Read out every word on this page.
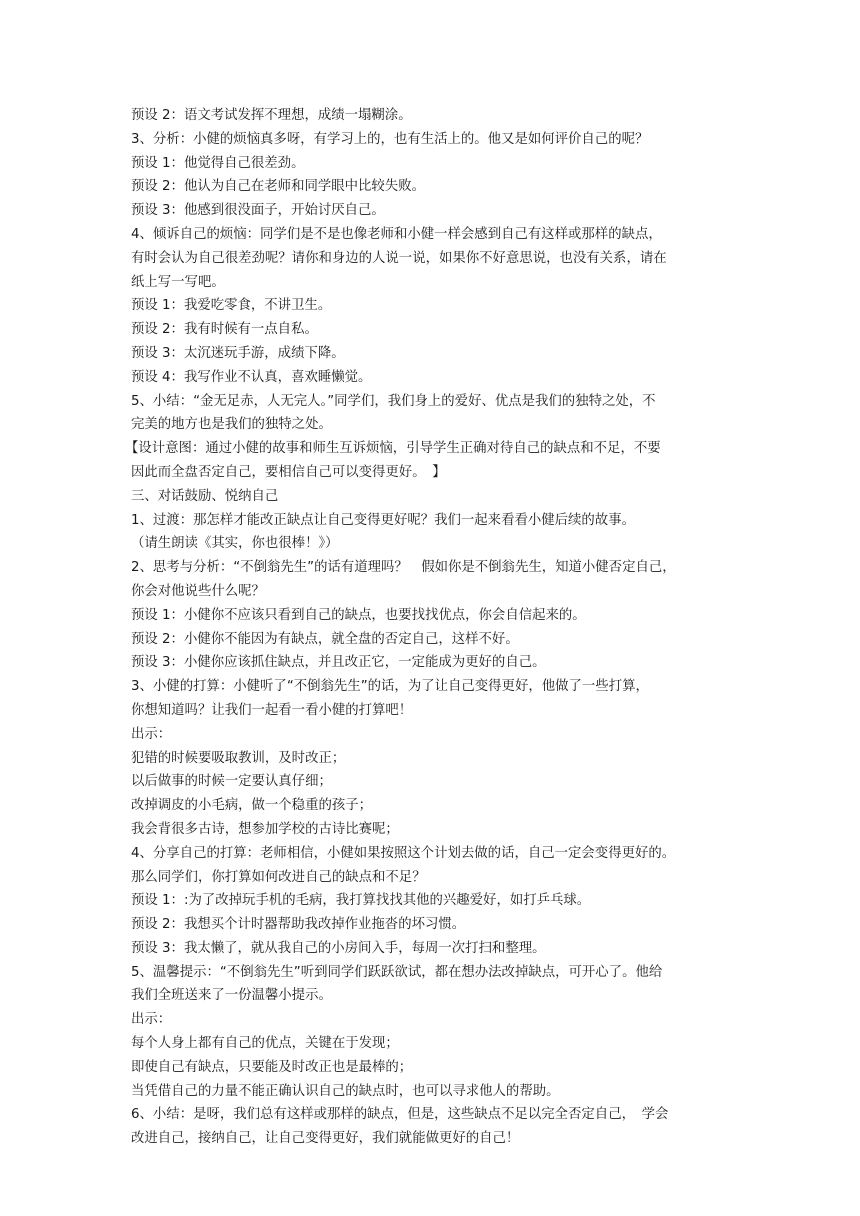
预设 2：语文考试发挥不理想，成绩一塌糊涂。
3、分析：小健的烦恼真多呀，有学习上的，也有生活上的。他又是如何评价自己的呢？
预设 1：他觉得自己很差劲。
预设 2：他认为自己在老师和同学眼中比较失败。
预设 3：他感到很没面子，开始讨厌自己。
4、倾诉自己的烦恼：同学们是不是也像老师和小健一样会感到自己有这样或那样的缺点，
有时会认为自己很差劲呢？请你和身边的人说一说，如果你不好意思说，也没有关系，请在
纸上写一写吧。
预设 1：我爱吃零食，不讲卫生。
预设 2：我有时候有一点自私。
预设 3：太沉迷玩手游，成绩下降。
预设 4：我写作业不认真，喜欢睡懒觉。
5、小结：“金无足赤，人无完人。”同学们，我们身上的爱好、优点是我们的独特之处，不
完美的地方也是我们的独特之处。
【设计意图：通过小健的故事和师生互诉烦恼，引导学生正确对待自己的缺点和不足，不要
因此而全盘否定自己，要相信自己可以变得更好。　】
三、对话鼓励、悦纳自己
1、过渡：那怎样才能改正缺点让自己变得更好呢？我们一起来看看小健后续的故事。
（请生朗读《其实，你也很棒！》）
2、思考与分析：“不倒翁先生”的话有道理吗？　假如你是不倒翁先生，知道小健否定自己，
你会对他说些什么呢？
预设 1：小健你不应该只看到自己的缺点，也要找找优点，你会自信起来的。
预设 2：小健你不能因为有缺点，就全盘的否定自己，这样不好。
预设 3：小健你应该抓住缺点，并且改正它，一定能成为更好的自己。
3、小健的打算：小健听了“不倒翁先生”的话，为了让自己变得更好，他做了一些打算，
你想知道吗？让我们一起看一看小健的打算吧！
出示：
犯错的时候要吸取教训，及时改正；
以后做事的时候一定要认真仔细；
改掉调皮的小毛病，做一个稳重的孩子；
我会背很多古诗，想参加学校的古诗比赛呢；
4、分享自己的打算：老师相信，小健如果按照这个计划去做的话，自己一定会变得更好的。
那么同学们，你打算如何改进自己的缺点和不足？
预设 1：:为了改掉玩手机的毛病，我打算找找其他的兴趣爱好，如打乒乓球。
预设 2：我想买个计时器帮助我改掉作业拖沓的坏习惯。
预设 3：我太懒了，就从我自己的小房间入手，每周一次打扫和整理。
5、温馨提示：“不倒翁先生”听到同学们跃跃欲试，都在想办法改掉缺点，可开心了。他给
我们全班送来了一份温馨小提示。
出示：
每个人身上都有自己的优点，关键在于发现；
即使自己有缺点，只要能及时改正也是最棒的；
当凭借自己的力量不能正确认识自己的缺点时，也可以寻求他人的帮助。
6、小结：是呀，我们总有这样或那样的缺点，但是，这些缺点不足以完全否定自己，　学会
改进自己，接纳自己，让自己变得更好，我们就能做更好的自己！
